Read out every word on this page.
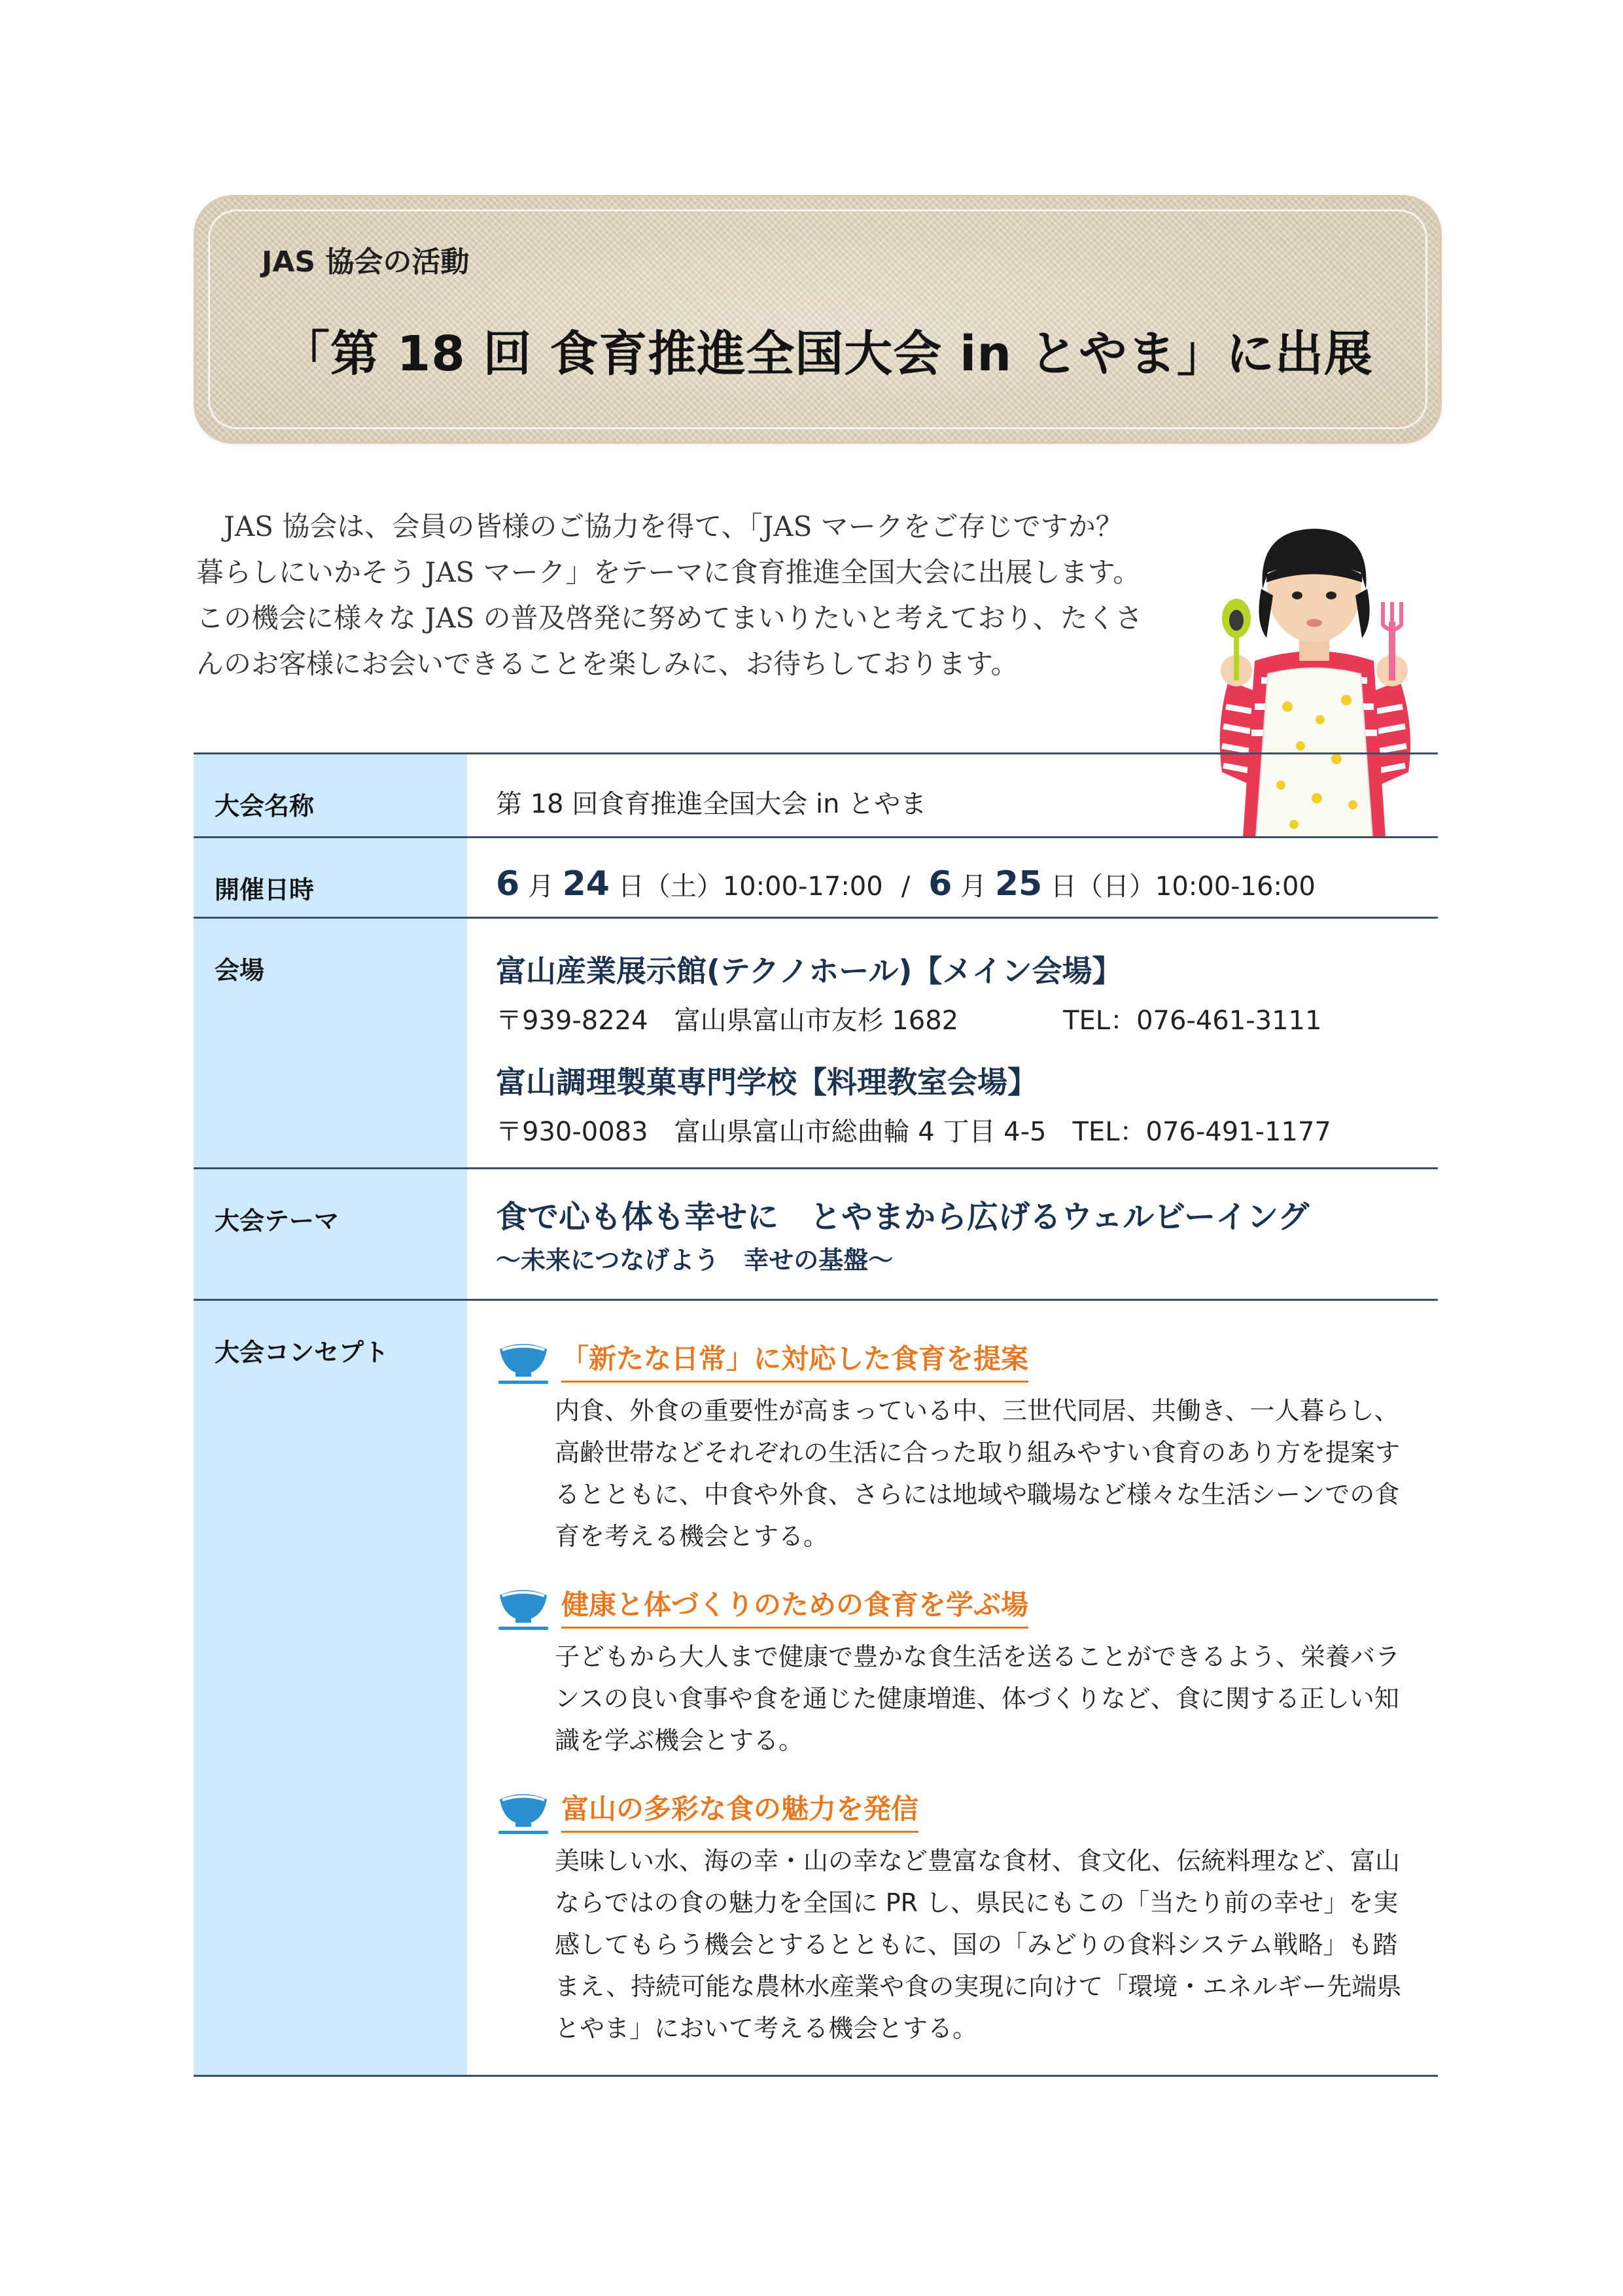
JAS 協会の活動
「第 18 回 食育推進全国大会 in とやま」に出展

JAS 協会は、会員の皆様のご協力を得て、「JAS マークをご存じですか？

暮らしにいかそう JAS マーク」をテーマに食育推進全国大会に出展します。
この機会に様々な JAS の普及啓発に努めてまいりたいと考えており、たくさ
んのお客様にお会いできることを楽しみに、お待ちしております。
大会名称	第 18 回食育推進全国大会 in とやま
開催日時	6 月 24 日（土）10:00-17:00 / 6 月 25 日（日）10:00-16:00
会場	富山産業展示館(テクノホール)【メイン会場】
〒939-8224　富山県富山市友杉 1682　　　　TEL：076-461-3111
富山調理製菓専門学校【料理教室会場】
〒930-0083　富山県富山市総曲輪 4 丁目 4-5　TEL：076-491-1177
大会テーマ	食で心も体も幸せに　とやまから広げるウェルビーイング
～未来につなげよう　幸せの基盤～
大会コンセプト	「新たな日常」に対応した食育を提案
内食、外食の重要性が高まっている中、三世代同居、共働き、一人暮らし、高齢世帯などそれぞれの生活に合った取り組みやすい食育のあり方を提案するとともに、中食や外食、さらには地域や職場など様々な生活シーンでの食育を考える機会とする。
健康と体づくりのための食育を学ぶ場
子どもから大人まで健康で豊かな食生活を送ることができるよう、栄養バランスの良い食事や食を通じた健康増進、体づくりなど、食に関する正しい知識を学ぶ機会とする。
富山の多彩な食の魅力を発信
美味しい水、海の幸・山の幸など豊富な食材、食文化、伝統料理など、富山ならではの食の魅力を全国に PR し、県民にもこの「当たり前の幸せ」を実感してもらう機会とするとともに、国の「みどりの食料システム戦略」も踏まえ、持続可能な農林水産業や食の実現に向けて「環境・エネルギー先端県とやま」において考える機会とする。
